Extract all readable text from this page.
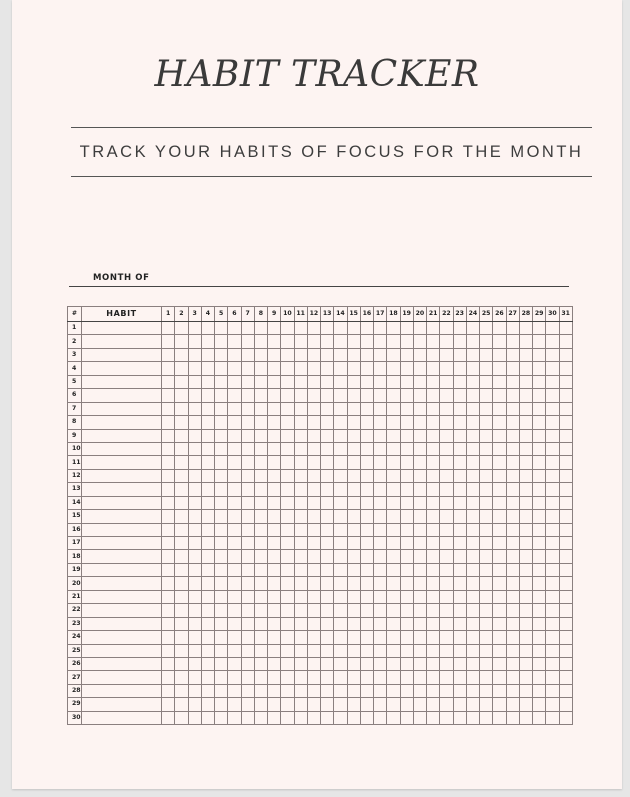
HABIT TRACKER
TRACK YOUR HABITS OF FOCUS FOR THE MONTH
MONTH OF
#	HABIT	1	2	3	4	5	6	7	8	9	10	11	12	13	14	15	16	17	18	19	20	21	22	23	24	25	26	27	28	29	30	31
1																																
2																																
3																																
4																																
5																																
6																																
7																																
8																																
9																																
10																																
11																																
12																																
13																																
14																																
15																																
16																																
17																																
18																																
19																																
20																																
21																																
22																																
23																																
24																																
25																																
26																																
27																																
28																																
29																																
30																																
